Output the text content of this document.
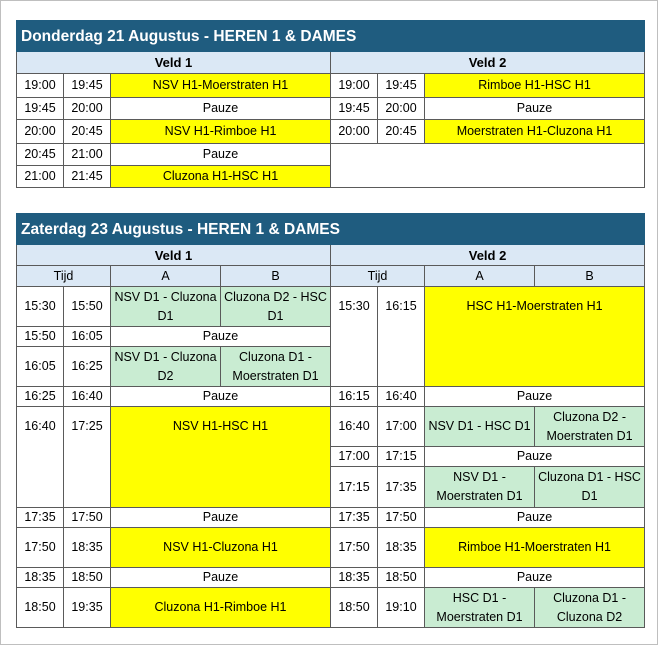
Donderdag 21 Augustus - HEREN 1 & DAMES					
Veld 1			Veld 2		
19:00	19:45	NSV H1-Moerstraten H1	19:00	19:45	Rimboe H1-HSC H1
19:45	20:00	Pauze	19:45	20:00	Pauze
20:00	20:45	NSV H1-Rimboe H1	20:00	20:45	Moerstraten H1-Cluzona H1
20:45	21:00	Pauze			
21:00	21:45	Cluzona H1-HSC H1			
Zaterdag 23 Augustus - HEREN 1 & DAMES							
Veld 1				Veld 2			
Tijd		A	B	Tijd		A	B
15:30	15:50	NSV D1 - Cluzona D1	Cluzona D2 - HSC D1	15:30	16:15	HSC H1-Moerstraten H1	
15:50	16:05	Pauze					
16:05	16:25	NSV D1 - Cluzona D2	Cluzona D1 - Moerstraten D1				
16:25	16:40	Pauze		16:15	16:40	Pauze	
16:40	17:25	NSV H1-HSC H1		16:40	17:00	NSV D1 - HSC D1	Cluzona D2 - Moerstraten D1
				17:00	17:15	Pauze	
				17:15	17:35	NSV D1 - Moerstraten D1	Cluzona D1 - HSC D1
17:35	17:50	Pauze		17:35	17:50	Pauze	
17:50	18:35	NSV H1-Cluzona H1		17:50	18:35	Rimboe H1-Moerstraten H1	
18:35	18:50	Pauze		18:35	18:50	Pauze	
18:50	19:35	Cluzona H1-Rimboe H1		18:50	19:10	HSC D1 - Moerstraten D1	Cluzona D1 - Cluzona D2
